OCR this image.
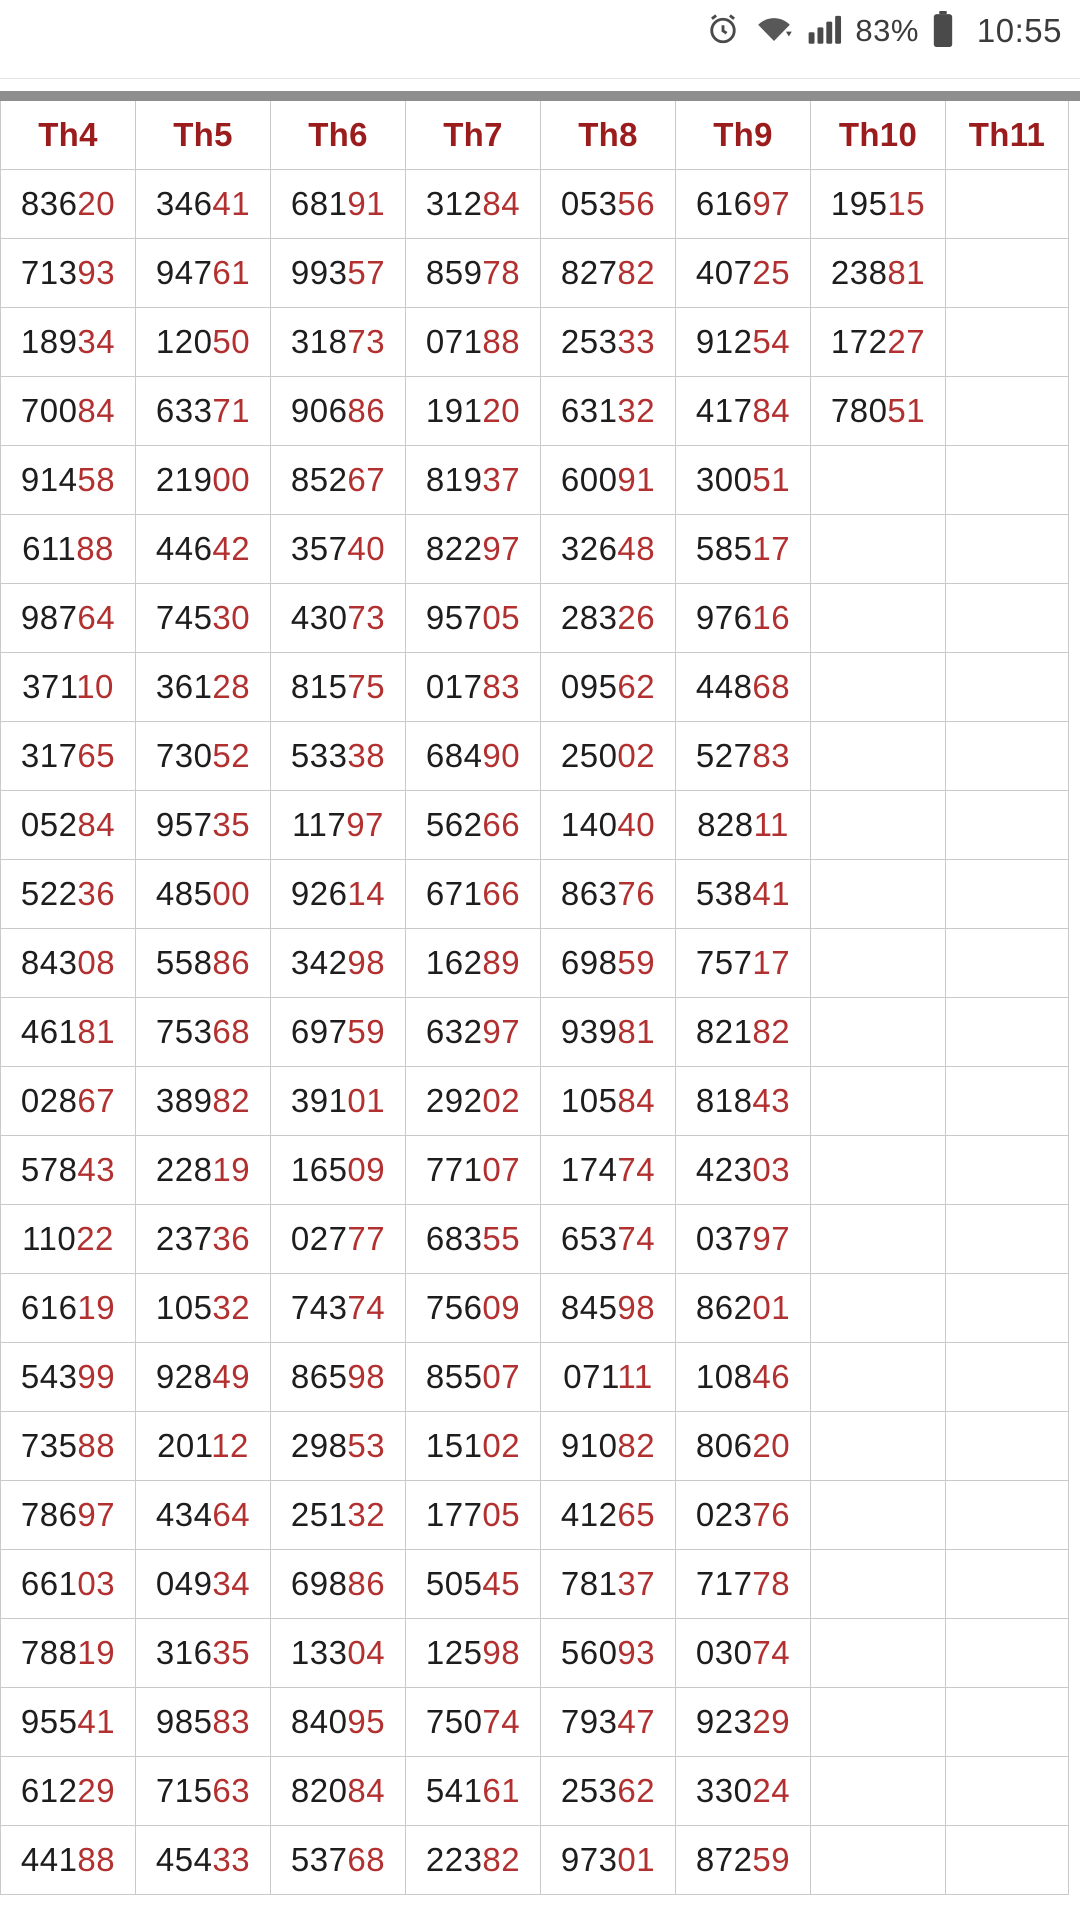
83% 10:55
Th4	Th5	Th6	Th7	Th8	Th9	Th10	Th11
83620	34641	68191	31284	05356	61697	19515	
71393	94761	99357	85978	82782	40725	23881	
18934	12050	31873	07188	25333	91254	17227	
70084	63371	90686	19120	63132	41784	78051	
91458	21900	85267	81937	60091	30051		
61188	44642	35740	82297	32648	58517		
98764	74530	43073	95705	28326	97616		
37110	36128	81575	01783	09562	44868		
31765	73052	53338	68490	25002	52783		
05284	95735	11797	56266	14040	82811		
52236	48500	92614	67166	86376	53841		
84308	55886	34298	16289	69859	75717		
46181	75368	69759	63297	93981	82182		
02867	38982	39101	29202	10584	81843		
57843	22819	16509	77107	17474	42303		
11022	23736	02777	68355	65374	03797		
61619	10532	74374	75609	84598	86201		
54399	92849	86598	85507	07111	10846		
73588	20112	29853	15102	91082	80620		
78697	43464	25132	17705	41265	02376		
66103	04934	69886	50545	78137	71778		
78819	31635	13304	12598	56093	03074		
95541	98583	84095	75074	79347	92329		
61229	71563	82084	54161	25362	33024		
44188	45433	53768	22382	97301	87259		
